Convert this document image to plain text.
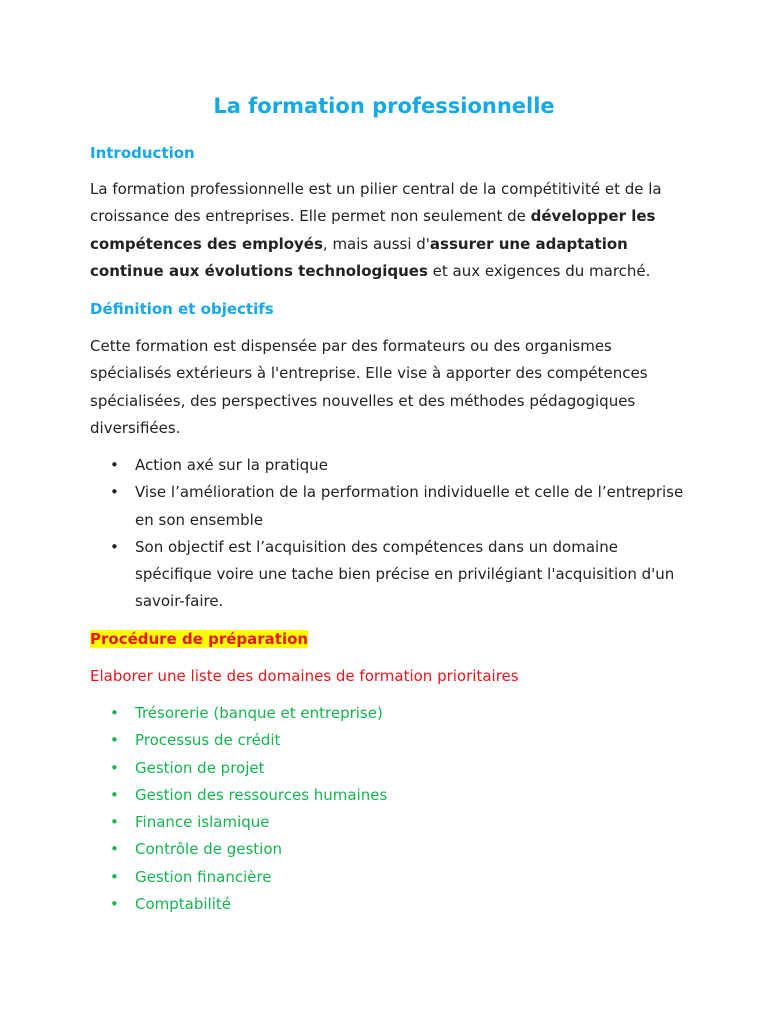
La formation professionnelle
Introduction

La formation professionnelle est un pilier central de la compétitivité et de la croissance des entreprises. Elle permet non seulement de développer les compétences des employés, mais aussi d'assurer une adaptation continue aux évolutions technologiques et aux exigences du marché.

Définition et objectifs

Cette formation est dispensée par des formateurs ou des organismes spécialisés extérieurs à l'entreprise. Elle vise à apporter des compétences spécialisées, des perspectives nouvelles et des méthodes pédagogiques diversifiées.

• Action axé sur la pratique
• Vise l’amélioration de la performation individuelle et celle de l’entreprise en son ensemble
• Son objectif est l’acquisition des compétences dans un domaine spécifique voire une tache bien précise en privilégiant l'acquisition d'un savoir-faire.
Procédure de préparation

Elaborer une liste des domaines de formation prioritaires

• Trésorerie (banque et entreprise)
• Processus de crédit
• Gestion de projet
• Gestion des ressources humaines
• Finance islamique
• Contrôle de gestion
• Gestion financière
• Comptabilité
